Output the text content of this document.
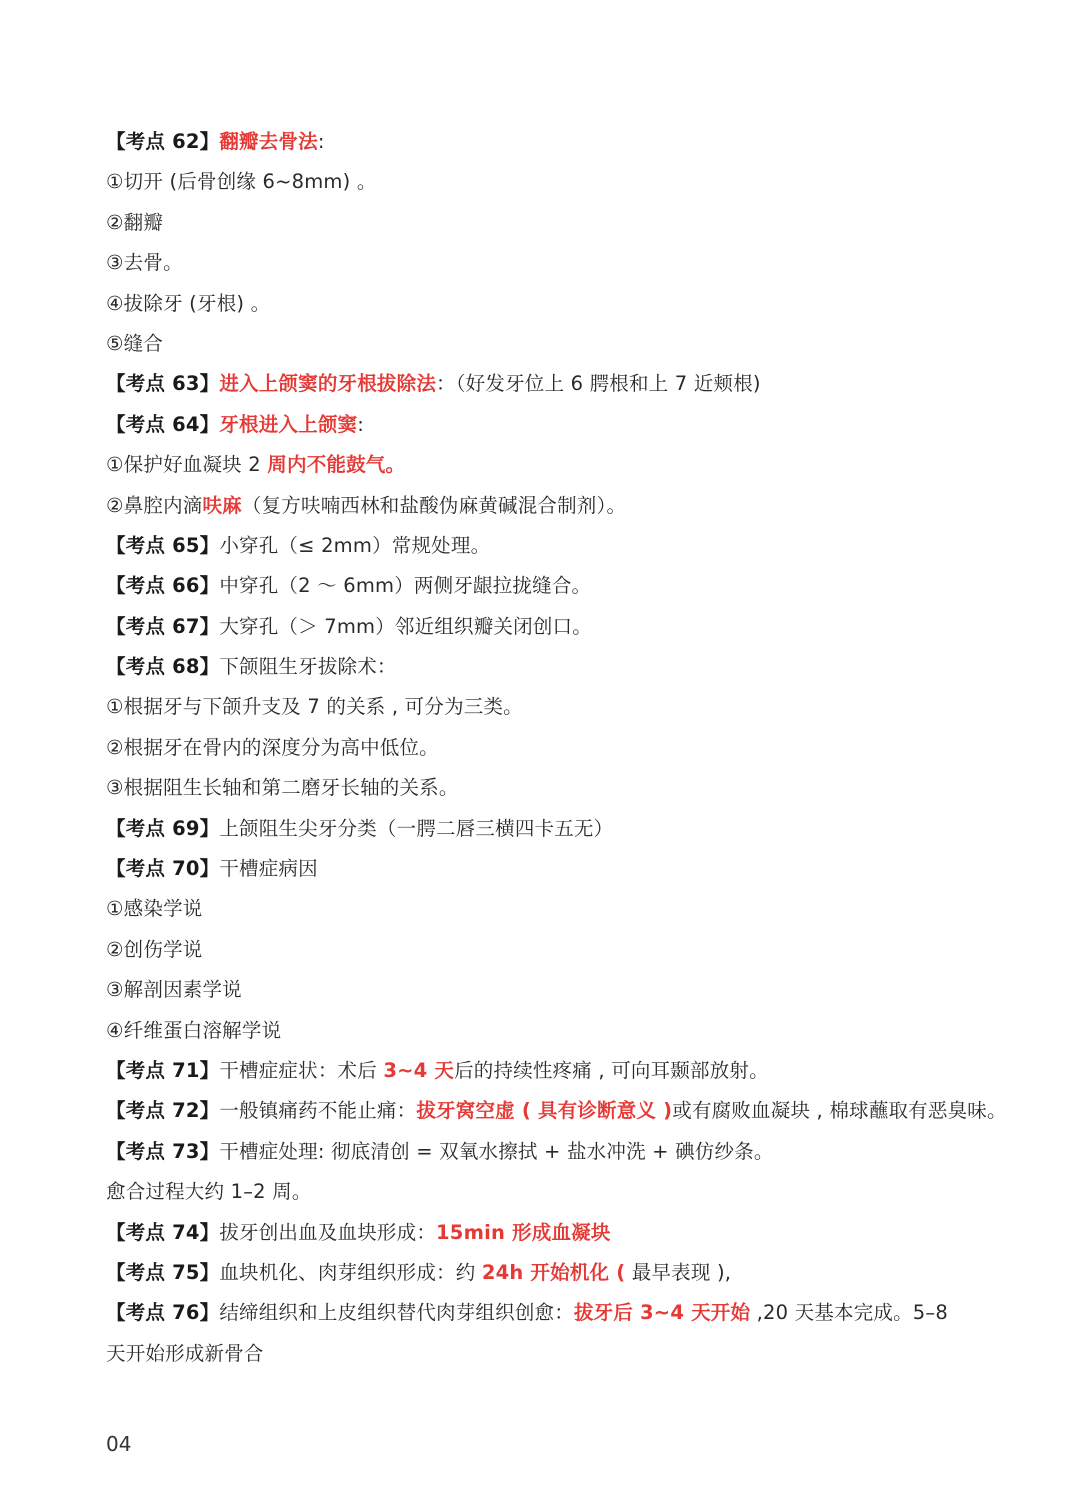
【考点 62】翻瓣去骨法:
①切开 (后骨创缘 6~8mm) 。
②翻瓣
③去骨。
④拔除牙 (牙根) 。
⑤缝合
【考点 63】进入上颌窦的牙根拔除法：（好发牙位上 6 腭根和上 7 近颊根)
【考点 64】牙根进入上颌窦:
①保护好血凝块 2 周内不能鼓气。
②鼻腔内滴呋麻（复方呋喃西林和盐酸伪麻黄碱混合制剂）。
【考点 65】小穿孔（≤ 2mm）常规处理。
【考点 66】中穿孔（2 ～ 6mm）两侧牙龈拉拢缝合。
【考点 67】大穿孔（＞ 7mm）邻近组织瓣关闭创口。
【考点 68】下颌阻生牙拔除术：
①根据牙与下颌升支及 7 的关系 , 可分为三类。
②根据牙在骨内的深度分为高中低位。
③根据阻生长轴和第二磨牙长轴的关系。
【考点 69】上颌阻生尖牙分类（一腭二唇三横四卡五无）
【考点 70】干槽症病因
①感染学说
②创伤学说
③解剖因素学说
④纤维蛋白溶解学说
【考点 71】干槽症症状：术后 3~4 天后的持续性疼痛 , 可向耳颞部放射。
【考点 72】一般镇痛药不能止痛：拔牙窝空虚 ( 具有诊断意义 )或有腐败血凝块 , 棉球蘸取有恶臭味。
【考点 73】干槽症处理: 彻底清创 = 双氧水擦拭 + 盐水冲洗 + 碘仿纱条。
愈合过程大约 1–2 周。
【考点 74】拔牙创出血及血块形成：15min 形成血凝块
【考点 75】血块机化、肉芽组织形成：约 24h 开始机化 ( 最早表现 ),
【考点 76】结缔组织和上皮组织替代肉芽组织创愈：拔牙后 3~4 天开始 ,20 天基本完成。5–8
天开始形成新骨合
04
